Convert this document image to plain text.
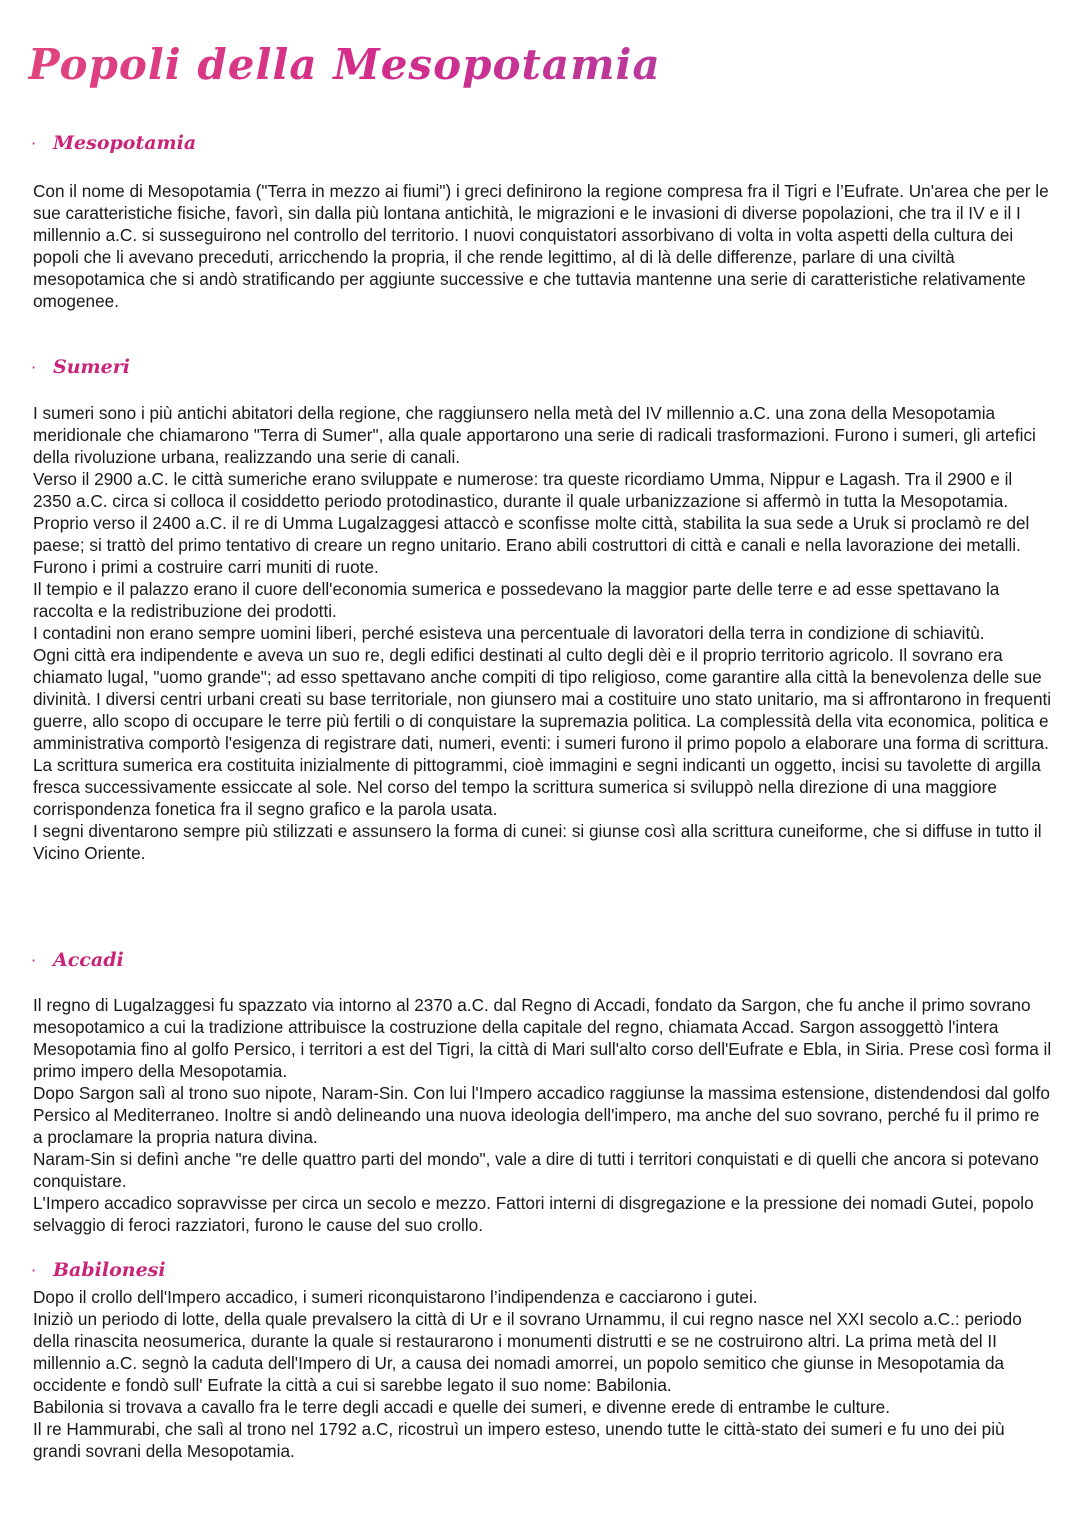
Popoli della Mesopotamia
· Mesopotamia

Con il nome di Mesopotamia ("Terra in mezzo ai fiumi") i greci definirono la regione compresa fra il Tigri e l’Eufrate. Un'area che per le sue caratteristiche fisiche, favorì, sin dalla più lontana antichità, le migrazioni e le invasioni di diverse popolazioni, che tra il IV e il I millennio a.C. si susseguirono nel controllo del territorio. I nuovi conquistatori assorbivano di volta in volta aspetti della cultura dei popoli che li avevano preceduti, arricchendo la propria, il che rende legittimo, al di là delle differenze, parlare di una civiltà mesopotamica che si andò stratificando per aggiunte successive e che tuttavia mantenne una serie di caratteristiche relativamente omogenee.

· Sumeri

I sumeri sono i più antichi abitatori della regione, che raggiunsero nella metà del IV millennio a.C. una zona della Mesopotamia meridionale che chiamarono "Terra di Sumer", alla quale apportarono una serie di radicali trasformazioni. Furono i sumeri, gli artefici della rivoluzione urbana, realizzando una serie di canali.

Verso il 2900 a.C. le città sumeriche erano sviluppate e numerose: tra queste ricordiamo Umma, Nippur e Lagash. Tra il 2900 e il 2350 a.C. circa si colloca il cosiddetto periodo protodinastico, durante il quale urbanizzazione si affermò in tutta la Mesopotamia.

Proprio verso il 2400 a.C. il re di Umma Lugalzaggesi attaccò e sconfisse molte città, stabilita la sua sede a Uruk si proclamò re del paese; si trattò del primo tentativo di creare un regno unitario. Erano abili costruttori di città e canali e nella lavorazione dei metalli. Furono i primi a costruire carri muniti di ruote.

Il tempio e il palazzo erano il cuore dell'economia sumerica e possedevano la maggior parte delle terre e ad esse spettavano la raccolta e la redistribuzione dei prodotti.

I contadini non erano sempre uomini liberi, perché esisteva una percentuale di lavoratori della terra in condizione di schiavitù.

Ogni città era indipendente e aveva un suo re, degli edifici destinati al culto degli dèi e il proprio territorio agricolo. Il sovrano era chiamato lugal, "uomo grande"; ad esso spettavano anche compiti di tipo religioso, come garantire alla città la benevolenza delle sue divinità. I diversi centri urbani creati su base territoriale, non giunsero mai a costituire uno stato unitario, ma si affrontarono in frequenti guerre, allo scopo di occupare le terre più fertili o di conquistare la supremazia politica. La complessità della vita economica, politica e amministrativa comportò l'esigenza di registrare dati, numeri, eventi: i sumeri furono il primo popolo a elaborare una forma di scrittura.

La scrittura sumerica era costituita inizialmente di pittogrammi, cioè immagini e segni indicanti un oggetto, incisi su tavolette di argilla fresca successivamente essiccate al sole. Nel corso del tempo la scrittura sumerica si sviluppò nella direzione di una maggiore corrispondenza fonetica fra il segno grafico e la parola usata.

I segni diventarono sempre più stilizzati e assunsero la forma di cunei: si giunse così alla scrittura cuneiforme, che si diffuse in tutto il Vicino Oriente.

· Accadi

Il regno di Lugalzaggesi fu spazzato via intorno al 2370 a.C. dal Regno di Accadi, fondato da Sargon, che fu anche il primo sovrano mesopotamico a cui la tradizione attribuisce la costruzione della capitale del regno, chiamata Accad. Sargon assoggettò l'intera Mesopotamia fino al golfo Persico, i territori a est del Tigri, la città di Mari sull'alto corso dell'Eufrate e Ebla, in Siria. Prese così forma il primo impero della Mesopotamia.

Dopo Sargon salì al trono suo nipote, Naram-Sin. Con lui l'Impero accadico raggiunse la massima estensione, distendendosi dal golfo Persico al Mediterraneo. Inoltre si andò delineando una nuova ideologia dell'impero, ma anche del suo sovrano, perché fu il primo re a proclamare la propria natura divina.

Naram-Sin si definì anche "re delle quattro parti del mondo", vale a dire di tutti i territori conquistati e di quelli che ancora si potevano conquistare.

L'Impero accadico sopravvisse per circa un secolo e mezzo. Fattori interni di disgregazione e la pressione dei nomadi Gutei, popolo selvaggio di feroci razziatori, furono le cause del suo crollo.

· Babilonesi

Dopo il crollo dell'Impero accadico, i sumeri riconquistarono l’indipendenza e cacciarono i gutei.

Iniziò un periodo di lotte, della quale prevalsero la città di Ur e il sovrano Urnammu, il cui regno nasce nel XXI secolo a.C.: periodo della rinascita neosumerica, durante la quale si restaurarono i monumenti distrutti e se ne costruirono altri. La prima metà del II millennio a.C. segnò la caduta dell'Impero di Ur, a causa dei nomadi amorrei, un popolo semitico che giunse in Mesopotamia da occidente e fondò sull' Eufrate la città a cui si sarebbe legato il suo nome: Babilonia.

Babilonia si trovava a cavallo fra le terre degli accadi e quelle dei sumeri, e divenne erede di entrambe le culture.

Il re Hammurabi, che salì al trono nel 1792 a.C, ricostruì un impero esteso, unendo tutte le città-stato dei sumeri e fu uno dei più grandi sovrani della Mesopotamia.
